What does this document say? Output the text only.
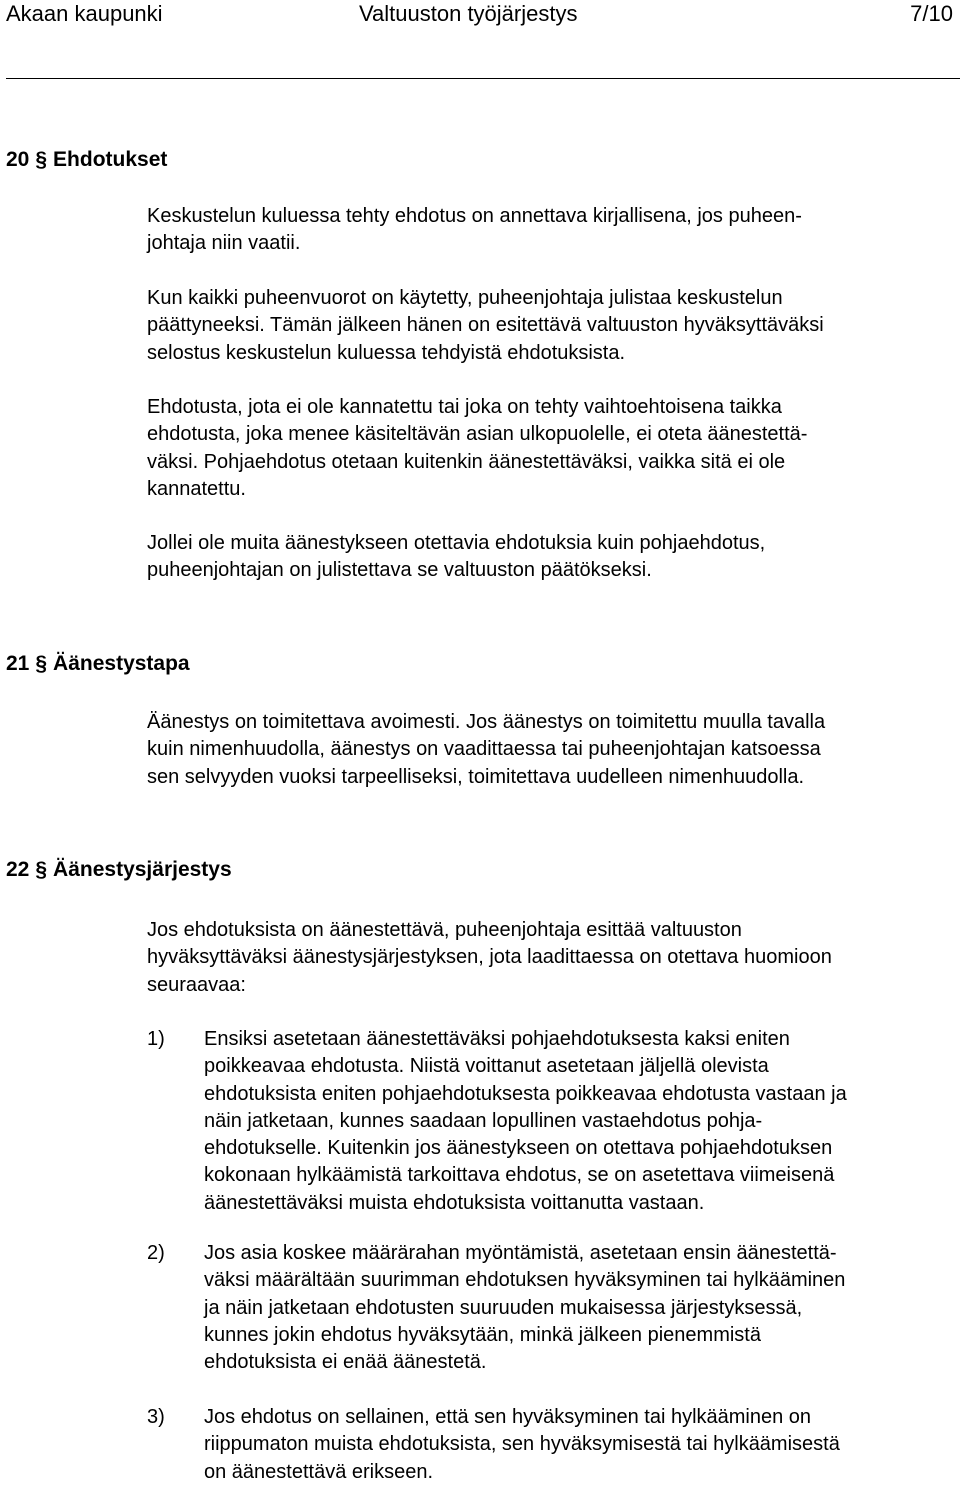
Akaan kaupunki	Valtuuston työjärjestys	7/10
20 § Ehdotukset
Keskustelun kuluessa tehty ehdotus on annettava kirjallisena, jos puheen-
johtaja niin vaatii.
Kun kaikki puheenvuorot on käytetty, puheenjohtaja julistaa keskustelun
päättyneeksi. Tämän jälkeen hänen on esitettävä valtuuston hyväksyttäväksi
selostus keskustelun kuluessa tehdyistä ehdotuksista.
Ehdotusta, jota ei ole kannatettu tai joka on tehty vaihtoehtoisena taikka
ehdotusta, joka menee käsiteltävän asian ulkopuolelle, ei oteta äänestettä-
väksi. Pohjaehdotus otetaan kuitenkin äänestettäväksi, vaikka sitä ei ole
kannatettu.
Jollei ole muita äänestykseen otettavia ehdotuksia kuin pohjaehdotus,
puheenjohtajan on julistettava se valtuuston päätökseksi.
21 § Äänestystapa
Äänestys on toimitettava avoimesti. Jos äänestys on toimitettu muulla tavalla
kuin nimenhuudolla, äänestys on vaadittaessa tai puheenjohtajan katsoessa
sen selvyyden vuoksi tarpeelliseksi, toimitettava uudelleen nimenhuudolla.
22 § Äänestysjärjestys
Jos ehdotuksista on äänestettävä, puheenjohtaja esittää valtuuston
hyväksyttäväksi äänestysjärjestyksen, jota laadittaessa on otettava huomioon
seuraavaa:
1) Ensiksi asetetaan äänestettäväksi pohjaehdotuksesta kaksi eniten
poikkeavaa ehdotusta. Niistä voittanut asetetaan jäljellä olevista
ehdotuksista eniten pohjaehdotuksesta poikkeavaa ehdotusta vastaan ja
näin jatketaan, kunnes saadaan lopullinen vastaehdotus pohja-
ehdotukselle. Kuitenkin jos äänestykseen on otettava pohjaehdotuksen
kokonaan hylkäämistä tarkoittava ehdotus, se on asetettava viimeisenä
äänestettäväksi muista ehdotuksista voittanutta vastaan.
2) Jos asia koskee määrärahan myöntämistä, asetetaan ensin äänestettä-
väksi määrältään suurimman ehdotuksen hyväksyminen tai hylkääminen
ja näin jatketaan ehdotusten suuruuden mukaisessa järjestyksessä,
kunnes jokin ehdotus hyväksytään, minkä jälkeen pienemmistä
ehdotuksista ei enää äänestetä.
3) Jos ehdotus on sellainen, että sen hyväksyminen tai hylkääminen on
riippumaton muista ehdotuksista, sen hyväksymisestä tai hylkäämisestä
on äänestettävä erikseen.
